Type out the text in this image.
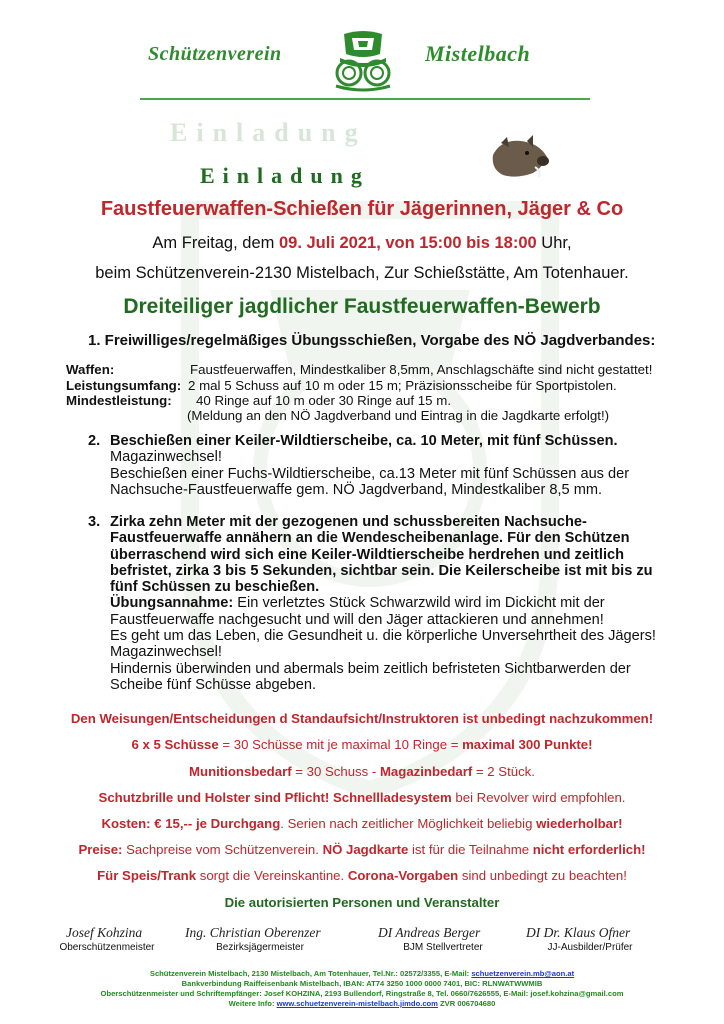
Schützenverein	Mistelbach
Einladung
Einladung
Faustfeuerwaffen-Schießen für Jägerinnen, Jäger & Co
Am Freitag, dem 09. Juli 2021, von 15:00 bis 18:00 Uhr,
beim Schützenverein-2130 Mistelbach, Zur Schießstätte, Am Totenhauer.
Dreiteiliger jagdlicher Faustfeuerwaffen-Bewerb
1. Freiwilliges/regelmäßiges Übungsschießen, Vorgabe des NÖ Jagdverbandes:
Waffen:	Faustfeuerwaffen, Mindestkaliber 8,5mm, Anschlagschäfte sind nicht gestattet!
Leistungsumfang: 2 mal 5 Schuss auf 10 m oder 15 m; Präzisionsscheibe für Sportpistolen.
Mindestleistung: 40 Ringe auf 10 m oder 30 Ringe auf 15 m.
(Meldung an den NÖ Jagdverband und Eintrag in die Jagdkarte erfolgt!)
2. Beschießen einer Keiler-Wildtierscheibe, ca. 10 Meter, mit fünf Schüssen.
Magazinwechsel!
Beschießen einer Fuchs-Wildtierscheibe, ca.13 Meter mit fünf Schüssen aus der
Nachsuche-Faustfeuerwaffe gem. NÖ Jagdverband, Mindestkaliber 8,5 mm.
3. Zirka zehn Meter mit der gezogenen und schussbereiten Nachsuche-
Faustfeuerwaffe annähern an die Wendescheibenanlage. Für den Schützen
überraschend wird sich eine Keiler-Wildtierscheibe herdrehen und zeitlich
befristet, zirka 3 bis 5 Sekunden, sichtbar sein. Die Keilerscheibe ist mit bis zu
fünf Schüssen zu beschießen.
Übungsannahme: Ein verletztes Stück Schwarzwild wird im Dickicht mit der
Faustfeuerwaffe nachgesucht und will den Jäger attackieren und annehmen!
Es geht um das Leben, die Gesundheit u. die körperliche Unversehrtheit des Jägers!
Magazinwechsel!
Hindernis überwinden und abermals beim zeitlich befristeten Sichtbarwerden der
Scheibe fünf Schüsse abgeben.
Den Weisungen/Entscheidungen d Standaufsicht/Instruktoren ist unbedingt nachzukommen!
6 x 5 Schüsse = 30 Schüsse mit je maximal 10 Ringe = maximal 300 Punkte!
Munitionsbedarf = 30 Schuss - Magazinbedarf = 2 Stück.
Schutzbrille und Holster sind Pflicht! Schnellladesystem bei Revolver wird empfohlen.
Kosten: € 15,-- je Durchgang. Serien nach zeitlicher Möglichkeit beliebig wiederholbar!
Preise: Sachpreise vom Schützenverein. NÖ Jagdkarte ist für die Teilnahme nicht erforderlich!
Für Speis/Trank sorgt die Vereinskantine. Corona-Vorgaben sind unbedingt zu beachten!
Die autorisierten Personen und Veranstalter
Josef Kohzina
Oberschützenmeister
Ing. Christian Oberenzer
Bezirksjägermeister
DI Andreas Berger
BJM Stellvertreter
DI Dr. Klaus Ofner
JJ-Ausbilder/Prüfer
Schützenverein Mistelbach, 2130 Mistelbach, Am Totenhauer, Tel.Nr.: 02572/3355, E-Mail: schuetzenverein.mb@aon.at
Bankverbindung Raiffeisenbank Mistelbach, IBAN: AT74 3250 1000 0000 7401, BIC: RLNWATWWMIB
Oberschützenmeister und Schriftempfänger: Josef KOHZINA, 2193 Bullendorf, Ringstraße 8, Tel. 0660/7626555, E-Mail: josef.kohzina@gmail.com
Weitere Info: www.schuetzenverein-mistelbach.jimdo.com ZVR 006704680
